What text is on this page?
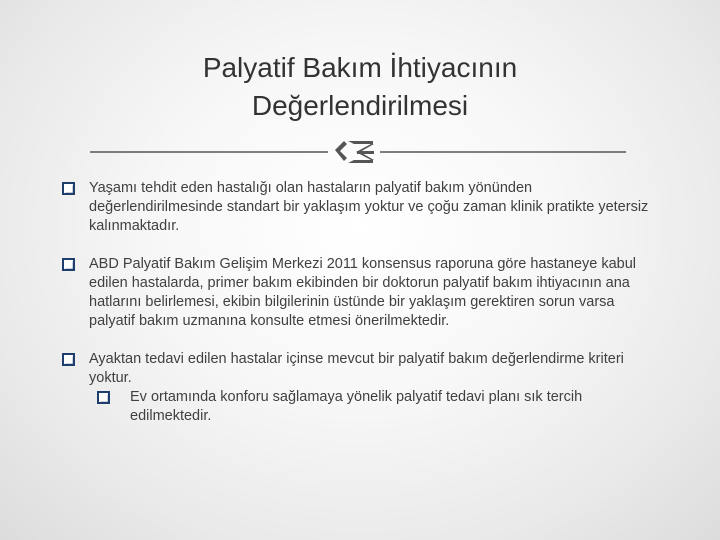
Palyatif Bakım İhtiyacının
Değerlendirilmesi
Yaşamı tehdit eden hastalığı olan hastaların palyatif bakım yönünden değerlendirilmesinde standart bir yaklaşım yoktur ve çoğu zaman klinik pratikte yetersiz kalınmaktadır.
ABD Palyatif Bakım Gelişim Merkezi 2011 konsensus raporuna göre hastaneye kabul edilen hastalarda, primer bakım ekibinden bir doktorun palyatif bakım ihtiyacının ana hatlarını belirlemesi, ekibin bilgilerinin üstünde bir yaklaşım gerektiren sorun varsa palyatif bakım uzmanına konsulte etmesi önerilmektedir.
Ayaktan tedavi edilen hastalar içinse mevcut bir palyatif bakım değerlendirme kriteri yoktur.
Ev ortamında konforu sağlamaya yönelik palyatif tedavi planı sık tercih edilmektedir.
